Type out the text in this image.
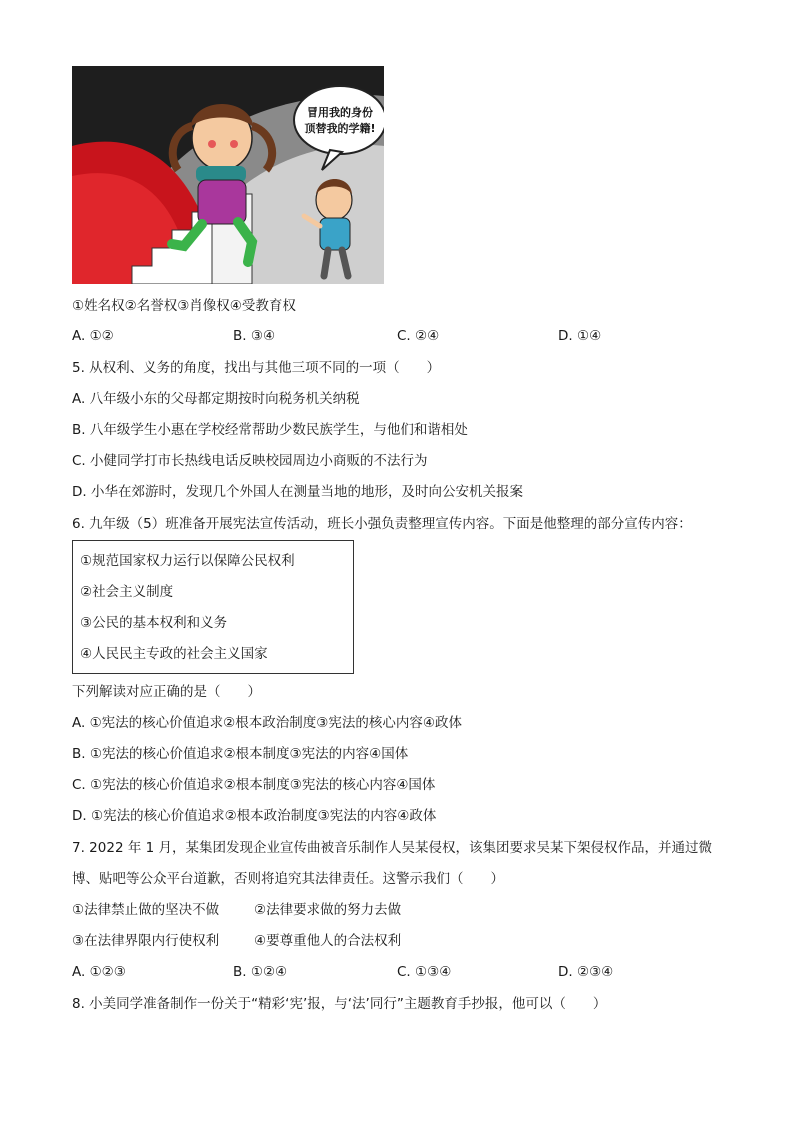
冒用我的身份
顶替我的学籍!
①姓名权②名誉权③肖像权④受教育权
A. ①②	B. ③④	C. ②④	D. ①④
5. 从权利、义务的角度，找出与其他三项不同的一项（　　）
A. 八年级小东的父母都定期按时向税务机关纳税
B. 八年级学生小惠在学校经常帮助少数民族学生，与他们和谐相处
C. 小健同学打市长热线电话反映校园周边小商贩的不法行为
D. 小华在郊游时，发现几个外国人在测量当地的地形，及时向公安机关报案
6. 九年级（5）班准备开展宪法宣传活动，班长小强负责整理宣传内容。下面是他整理的部分宣传内容：
①规范国家权力运行以保障公民权利
②社会主义制度
③公民的基本权利和义务
④人民民主专政的社会主义国家
下列解读对应正确的是（　　）
A. ①宪法的核心价值追求②根本政治制度③宪法的核心内容④政体
B. ①宪法的核心价值追求②根本制度③宪法的内容④国体
C. ①宪法的核心价值追求②根本制度③宪法的核心内容④国体
D. ①宪法的核心价值追求②根本政治制度③宪法的内容④政体
7. 2022 年 1 月，某集团发现企业宣传曲被音乐制作人吴某侵权，该集团要求吴某下架侵权作品，并通过微
博、贴吧等公众平台道歉，否则将追究其法律责任。这警示我们（　　）
①法律禁止做的坚决不做	②法律要求做的努力去做
③在法律界限内行使权利	④要尊重他人的合法权利
A. ①②③	B. ①②④	C. ①③④	D. ②③④
8. 小美同学准备制作一份关于“精彩‘宪’报，与‘法’同行”主题教育手抄报，他可以（　　）
